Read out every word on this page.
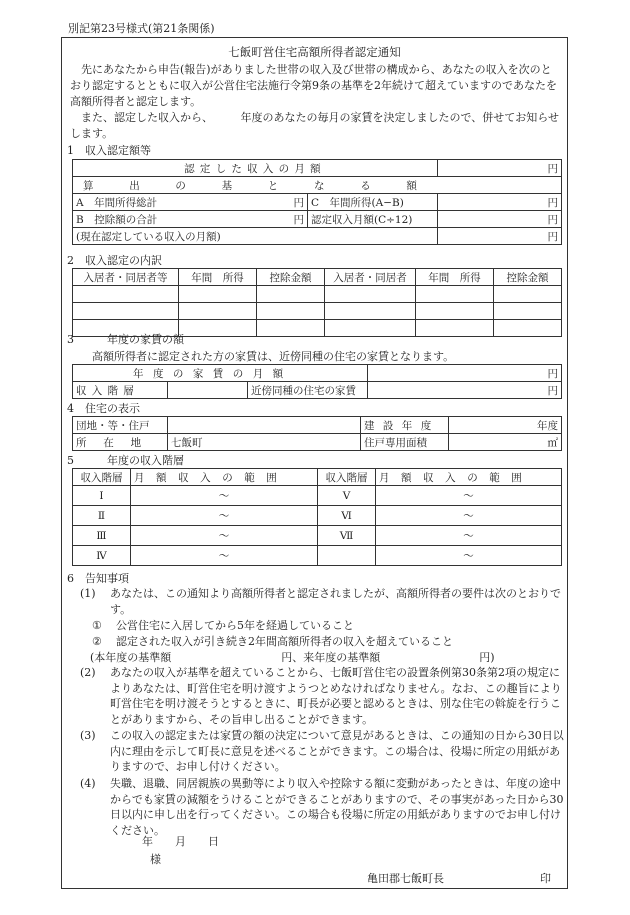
別記第23号様式(第21条関係)
七飯町営住宅高額所得者認定通知
先にあなたから申告(報告)がありました世帯の収入及び世帯の構成から、あなたの収入を次のとおり認定するとともに収入が公営住宅法施行令第9条の基準を2年続けて超えていますのであなたを高額所得者と認定します。
また、認定した収入から、　　　年度のあなたの毎月の家賃を決定しましたので、併せてお知らせします。
1　収入認定額等
認定した収入の月額		円
算出の基となる額		
A　年間所得総計 円	C　年間所得(A−B)	円
B　控除額の合計 円	認定収入月額(C÷12)	円
(現在認定している収入の月額)		円
2　収入認定の内訳
入居者・同居者等	年間　所得	控除金額	入居者・同居者	年間　所得	控除金額

3　　　年度の家賃の額
高額所得者に認定された方の家賃は、近傍同種の住宅の家賃となります。
年度の家賃の月額			円
収入階層		近傍同種の住宅の家賃	円
4　住宅の表示
団地・等・住戸		建設年度	年度
所在地	七飯町	住戸専用面積	㎡
5　　　年度の収入階層
収入階層	月額収入の範囲	収入階層	月額収入の範囲
Ⅰ	〜	Ⅴ	〜
Ⅱ	〜	Ⅵ	〜
Ⅲ	〜	Ⅶ	〜
Ⅳ	〜		〜
6　告知事項
(1)	あなたは、この通知より高額所得者と認定されましたが、高額所得者の要件は次のとおりです。
①	公営住宅に入居してから5年を経過していること
②	認定された収入が引き続き2年間高額所得者の収入を超えていること
(本年度の基準額　　　　　　　　　　円、来年度の基準額　　　　　　　　　円)
(2)	あなたの収入が基準を超えていることから、七飯町営住宅の設置条例第30条第2項の規定によりあなたは、町営住宅を明け渡すようつとめなければなりません。なお、この趣旨により町営住宅を明け渡そうとするときに、町長が必要と認めるときは、別な住宅の斡旋を行うことがありますから、その旨申し出ることができます。
(3)	この収入の認定または家賃の額の決定について意見があるときは、この通知の日から30日以内に理由を示して町長に意見を述べることができます。この場合は、役場に所定の用紙がありますので、お申し付けください。
(4)	失職、退職、同居親族の異動等により収入や控除する額に変動があったときは、年度の途中からでも家賃の減額をうけることができることがありますので、その事実があった日から30日以内に申し出を行ってください。この場合も役場に所定の用紙がありますのでお申し付けください。
年　　月　　日
様
亀田郡七飯町長	印
